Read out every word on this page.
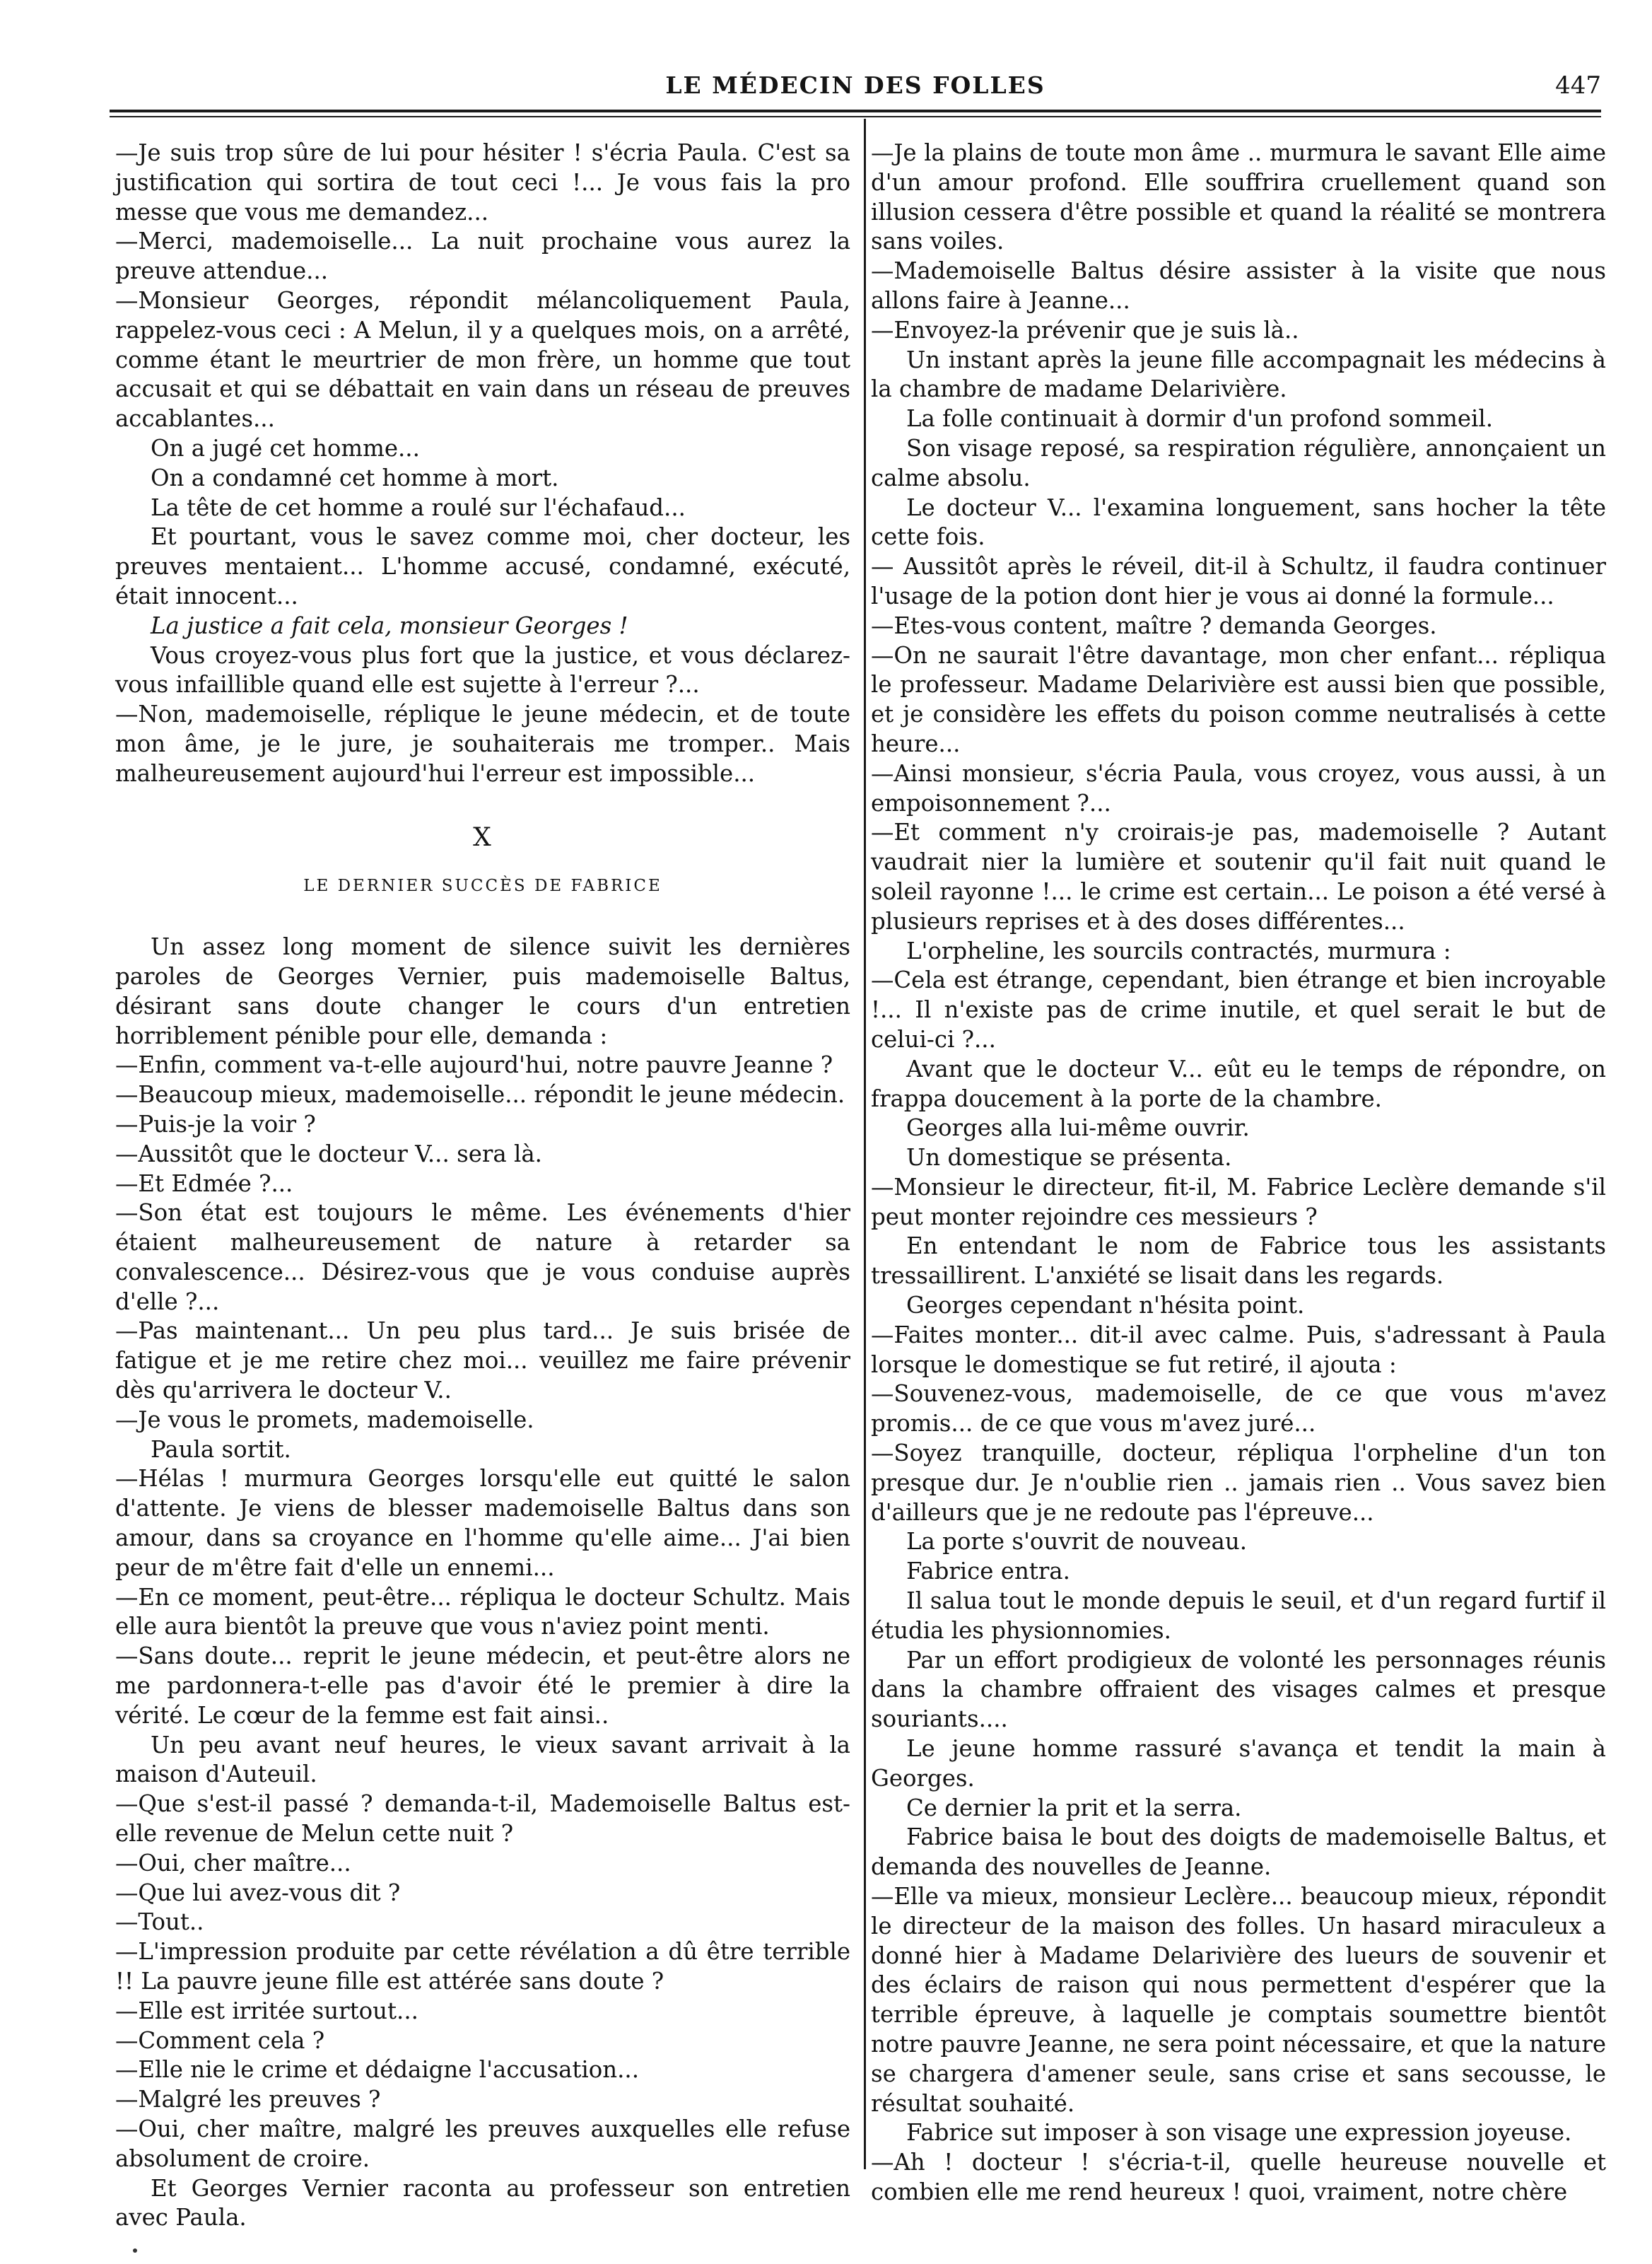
LE MÉDECIN DES FOLLES	447

—Je suis trop sûre de lui pour hésiter ! s'écria Paula. C'est sa justification qui sortira de tout ceci !... Je vous fais la pro messe que vous me demandez...

—Merci, mademoiselle... La nuit prochaine vous aurez la preuve attendue...

—Monsieur Georges, répondit mélancoliquement Paula, rappelez-vous ceci : A Melun, il y a quelques mois, on a arrêté, comme étant le meurtrier de mon frère, un homme que tout accusait et qui se débattait en vain dans un réseau de preuves accablantes...

On a jugé cet homme...

On a condamné cet homme à mort.

La tête de cet homme a roulé sur l'échafaud...

Et pourtant, vous le savez comme moi, cher docteur, les preuves mentaient... L'homme accusé, condamné, exécuté, était innocent...

La justice a fait cela, monsieur Georges !

Vous croyez-vous plus fort que la justice, et vous déclarez-vous infaillible quand elle est sujette à l'erreur ?...

—Non, mademoiselle, réplique le jeune médecin, et de toute mon âme, je le jure, je souhaiterais me tromper.. Mais malheureusement aujourd'hui l'erreur est impossible...

X

LE DERNIER SUCCÈS DE FABRICE

Un assez long moment de silence suivit les dernières paroles de Georges Vernier, puis mademoiselle Baltus, désirant sans doute changer le cours d'un entretien horriblement pénible pour elle, demanda :

—Enfin, comment va-t-elle aujourd'hui, notre pauvre Jeanne ?

—Beaucoup mieux, mademoiselle... répondit le jeune médecin.

—Puis-je la voir ?

—Aussitôt que le docteur V... sera là.

—Et Edmée ?...

—Son état est toujours le même. Les événements d'hier étaient malheureusement de nature à retarder sa convalescence... Désirez-vous que je vous conduise auprès d'elle ?...

—Pas maintenant... Un peu plus tard... Je suis brisée de fatigue et je me retire chez moi... veuillez me faire prévenir dès qu'arrivera le docteur V..

—Je vous le promets, mademoiselle.

Paula sortit.

—Hélas ! murmura Georges lorsqu'elle eut quitté le salon d'attente. Je viens de blesser mademoiselle Baltus dans son amour, dans sa croyance en l'homme qu'elle aime... J'ai bien peur de m'être fait d'elle un ennemi...

—En ce moment, peut-être... répliqua le docteur Schultz. Mais elle aura bientôt la preuve que vous n'aviez point menti.

—Sans doute... reprit le jeune médecin, et peut-être alors ne me pardonnera-t-elle pas d'avoir été le premier à dire la vérité. Le cœur de la femme est fait ainsi..

Un peu avant neuf heures, le vieux savant arrivait à la maison d'Auteuil.

—Que s'est-il passé ? demanda-t-il, Mademoiselle Baltus est-elle revenue de Melun cette nuit ?

—Oui, cher maître...

—Que lui avez-vous dit ?

—Tout..

—L'impression produite par cette révélation a dû être terrible !! La pauvre jeune fille est attérée sans doute ?

—Elle est irritée surtout...

—Comment cela ?

—Elle nie le crime et dédaigne l'accusation...

—Malgré les preuves ?

—Oui, cher maître, malgré les preuves auxquelles elle refuse absolument de croire.

Et Georges Vernier raconta au professeur son entretien avec Paula.

—Je la plains de toute mon âme .. murmura le savant Elle aime d'un amour profond. Elle souffrira cruellement quand son illusion cessera d'être possible et quand la réalité se montrera sans voiles.

—Mademoiselle Baltus désire assister à la visite que nous allons faire à Jeanne...

—Envoyez-la prévenir que je suis là..

Un instant après la jeune fille accompagnait les médecins à la chambre de madame Delarivière.

La folle continuait à dormir d'un profond sommeil.

Son visage reposé, sa respiration régulière, annonçaient un calme absolu.

Le docteur V... l'examina longuement, sans hocher la tête cette fois.

— Aussitôt après le réveil, dit-il à Schultz, il faudra continuer l'usage de la potion dont hier je vous ai donné la formule...

—Etes-vous content, maître ? demanda Georges.

—On ne saurait l'être davantage, mon cher enfant... répliqua le professeur. Madame Delarivière est aussi bien que possible, et je considère les effets du poison comme neutralisés à cette heure...

—Ainsi monsieur, s'écria Paula, vous croyez, vous aussi, à un empoisonnement ?...

—Et comment n'y croirais-je pas, mademoiselle ? Autant vaudrait nier la lumière et soutenir qu'il fait nuit quand le soleil rayonne !... le crime est certain... Le poison a été versé à plusieurs reprises et à des doses différentes...

L'orpheline, les sourcils contractés, murmura :

—Cela est étrange, cependant, bien étrange et bien incroyable !... Il n'existe pas de crime inutile, et quel serait le but de celui-ci ?...

Avant que le docteur V... eût eu le temps de répondre, on frappa doucement à la porte de la chambre.

Georges alla lui-même ouvrir.

Un domestique se présenta.

—Monsieur le directeur, fit-il, M. Fabrice Leclère demande s'il peut monter rejoindre ces messieurs ?

En entendant le nom de Fabrice tous les assistants tressaillirent. L'anxiété se lisait dans les regards.

Georges cependant n'hésita point.

—Faites monter... dit-il avec calme. Puis, s'adressant à Paula lorsque le domestique se fut retiré, il ajouta :

—Souvenez-vous, mademoiselle, de ce que vous m'avez promis... de ce que vous m'avez juré...

—Soyez tranquille, docteur, répliqua l'orpheline d'un ton presque dur. Je n'oublie rien .. jamais rien .. Vous savez bien d'ailleurs que je ne redoute pas l'épreuve...

La porte s'ouvrit de nouveau.

Fabrice entra.

Il salua tout le monde depuis le seuil, et d'un regard furtif il étudia les physionnomies.

Par un effort prodigieux de volonté les personnages réunis dans la chambre offraient des visages calmes et presque souriants....

Le jeune homme rassuré s'avança et tendit la main à Georges.

Ce dernier la prit et la serra.

Fabrice baisa le bout des doigts de mademoiselle Baltus, et demanda des nouvelles de Jeanne.

—Elle va mieux, monsieur Leclère... beaucoup mieux, répondit le directeur de la maison des folles. Un hasard miraculeux a donné hier à Madame Delarivière des lueurs de souvenir et des éclairs de raison qui nous permettent d'espérer que la terrible épreuve, à laquelle je comptais soumettre bientôt notre pauvre Jeanne, ne sera point nécessaire, et que la nature se chargera d'amener seule, sans crise et sans secousse, le résultat souhaité.

Fabrice sut imposer à son visage une expression joyeuse.

—Ah ! docteur ! s'écria-t-il, quelle heureuse nouvelle et combien elle me rend heureux ! quoi, vraiment, notre chère
